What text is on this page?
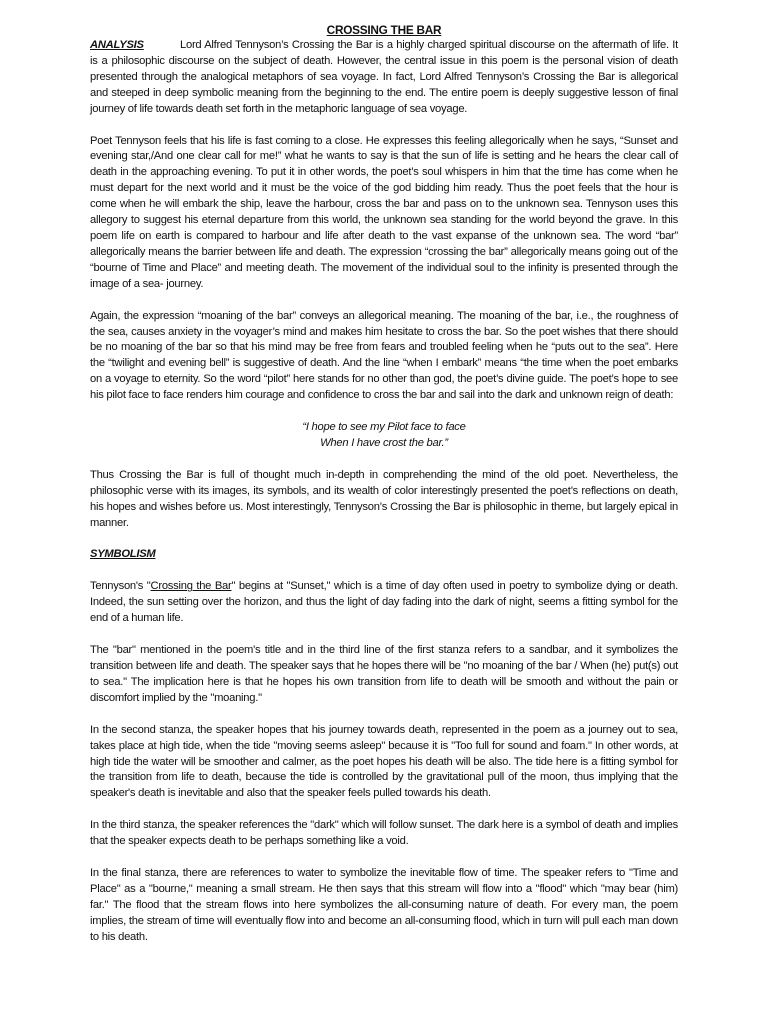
CROSSING THE BAR

ANALYSIS	Lord Alfred Tennyson’s Crossing the Bar is a highly charged spiritual discourse on the aftermath of life. It is a philosophic discourse on the subject of death. However, the central issue in this poem is the personal vision of death presented through the analogical metaphors of sea voyage. In fact, Lord Alfred Tennyson’s Crossing the Bar is allegorical and steeped in deep symbolic meaning from the beginning to the end. The entire poem is deeply suggestive lesson of final journey of life towards death set forth in the metaphoric language of sea voyage.

Poet Tennyson feels that his life is fast coming to a close. He expresses this feeling allegorically when he says, “Sunset and evening star,/And one clear call for me!” what he wants to say is that the sun of life is setting and he hears the clear call of death in the approaching evening. To put it in other words, the poet’s soul whispers in him that the time has come when he must depart for the next world and it must be the voice of the god bidding him ready. Thus the poet feels that the hour is come when he will embark the ship, leave the harbour, cross the bar and pass on to the unknown sea. Tennyson uses this allegory to suggest his eternal departure from this world, the unknown sea standing for the world beyond the grave. In this poem life on earth is compared to harbour and life after death to the vast expanse of the unknown sea. The word “bar” allegorically means the barrier between life and death. The expression “crossing the bar” allegorically means going out of the “bourne of Time and Place” and meeting death. The movement of the individual soul to the infinity is presented through the image of a sea- journey.

Again, the expression “moaning of the bar” conveys an allegorical meaning. The moaning of the bar, i.e., the roughness of the sea, causes anxiety in the voyager’s mind and makes him hesitate to cross the bar. So the poet wishes that there should be no moaning of the bar so that his mind may be free from fears and troubled feeling when he “puts out to the sea”. Here the “twilight and evening bell” is suggestive of death. And the line “when I embark” means “the time when the poet embarks on a voyage to eternity. So the word “pilot” here stands for no other than god, the poet’s divine guide. The poet’s hope to see his pilot face to face renders him courage and confidence to cross the bar and sail into the dark and unknown reign of death:

“I hope to see my Pilot face to face
When I have crost the bar.”

Thus Crossing the Bar is full of thought much in-depth in comprehending the mind of the old poet. Nevertheless, the philosophic verse with its images, its symbols, and its wealth of color interestingly presented the poet’s reflections on death, his hopes and wishes before us. Most interestingly, Tennyson’s Crossing the Bar is philosophic in theme, but largely epical in manner.

SYMBOLISM

Tennyson's "Crossing the Bar" begins at "Sunset," which is a time of day often used in poetry to symbolize dying or death. Indeed, the sun setting over the horizon, and thus the light of day fading into the dark of night, seems a fitting symbol for the end of a human life.

The "bar" mentioned in the poem's title and in the third line of the first stanza refers to a sandbar, and it symbolizes the transition between life and death. The speaker says that he hopes there will be "no moaning of the bar / When (he) put(s) out to sea." The implication here is that he hopes his own transition from life to death will be smooth and without the pain or discomfort implied by the "moaning."

In the second stanza, the speaker hopes that his journey towards death, represented in the poem as a journey out to sea, takes place at high tide, when the tide "moving seems asleep" because it is "Too full for sound and foam." In other words, at high tide the water will be smoother and calmer, as the poet hopes his death will be also. The tide here is a fitting symbol for the transition from life to death, because the tide is controlled by the gravitational pull of the moon, thus implying that the speaker's death is inevitable and also that the speaker feels pulled towards his death.

In the third stanza, the speaker references the "dark" which will follow sunset. The dark here is a symbol of death and implies that the speaker expects death to be perhaps something like a void.

In the final stanza, there are references to water to symbolize the inevitable flow of time. The speaker refers to "Time and Place" as a "bourne," meaning a small stream. He then says that this stream will flow into a "flood" which "may bear (him) far." The flood that the stream flows into here symbolizes the all-consuming nature of death. For every man, the poem implies, the stream of time will eventually flow into and become an all-consuming flood, which in turn will pull each man down to his death.
